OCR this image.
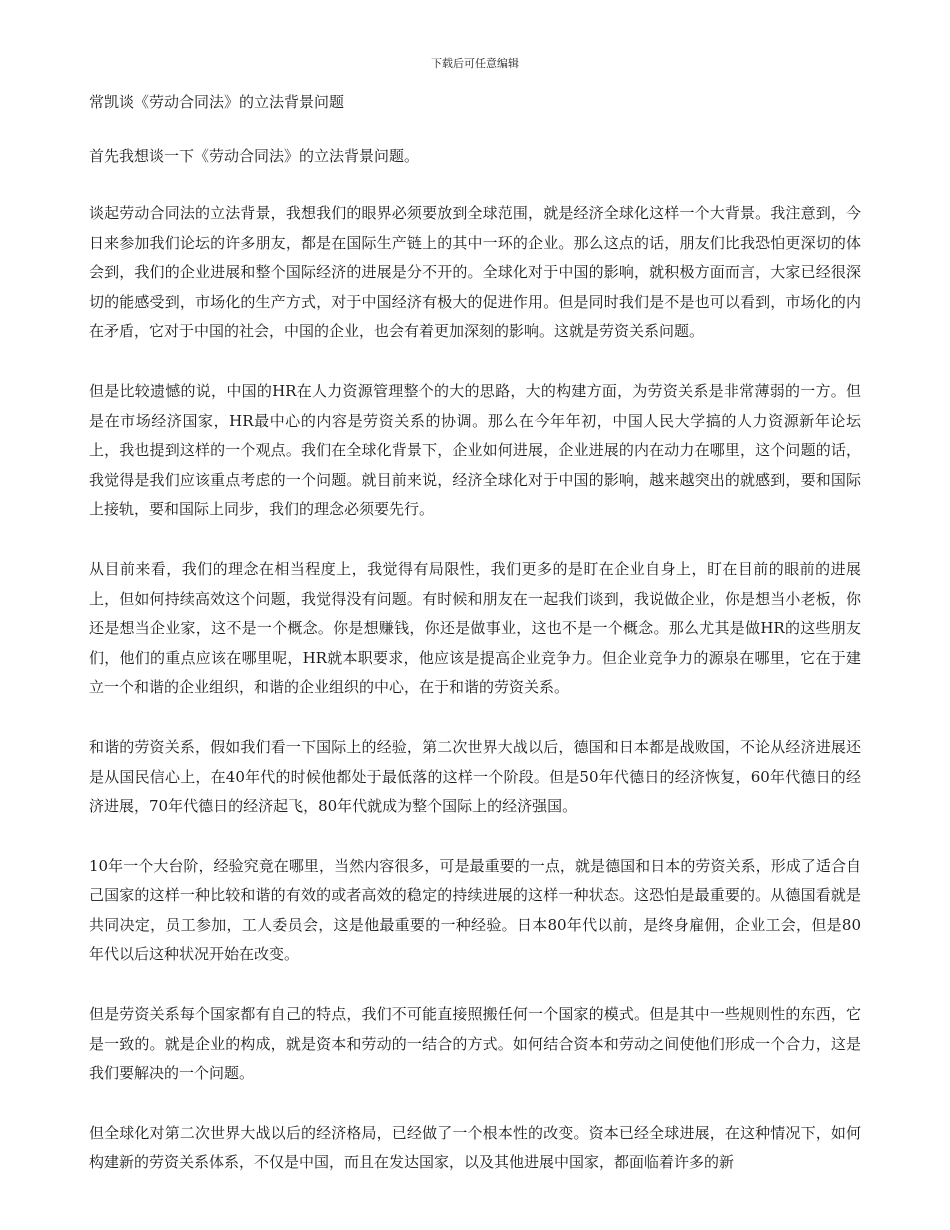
下载后可任意编辑
常凯谈《劳动合同法》的立法背景问题

首先我想谈一下《劳动合同法》的立法背景问题。

谈起劳动合同法的立法背景，我想我们的眼界必须要放到全球范围，就是经济全球化这样一个大背景。我注意到，今日来参加我们论坛的许多朋友，都是在国际生产链上的其中一环的企业。那么这点的话，朋友们比我恐怕更深切的体会到，我们的企业进展和整个国际经济的进展是分不开的。全球化对于中国的影响，就积极方面而言，大家已经很深切的能感受到，市场化的生产方式，对于中国经济有极大的促进作用。但是同时我们是不是也可以看到，市场化的内在矛盾，它对于中国的社会，中国的企业，也会有着更加深刻的影响。这就是劳资关系问题。

但是比较遗憾的说，中国的HR在人力资源管理整个的大的思路，大的构建方面，为劳资关系是非常薄弱的一方。但是在市场经济国家，HR最中心的内容是劳资关系的协调。那么在今年年初，中国人民大学搞的人力资源新年论坛上，我也提到这样的一个观点。我们在全球化背景下，企业如何进展，企业进展的内在动力在哪里，这个问题的话，我觉得是我们应该重点考虑的一个问题。就目前来说，经济全球化对于中国的影响，越来越突出的就感到，要和国际上接轨，要和国际上同步，我们的理念必须要先行。

从目前来看，我们的理念在相当程度上，我觉得有局限性，我们更多的是盯在企业自身上，盯在目前的眼前的进展上，但如何持续高效这个问题，我觉得没有问题。有时候和朋友在一起我们谈到，我说做企业，你是想当小老板，你还是想当企业家，这不是一个概念。你是想赚钱，你还是做事业，这也不是一个概念。那么尤其是做HR的这些朋友们，他们的重点应该在哪里呢，HR就本职要求，他应该是提高企业竞争力。但企业竞争力的源泉在哪里，它在于建立一个和谐的企业组织，和谐的企业组织的中心，在于和谐的劳资关系。

和谐的劳资关系，假如我们看一下国际上的经验，第二次世界大战以后，德国和日本都是战败国，不论从经济进展还是从国民信心上，在40年代的时候他都处于最低落的这样一个阶段。但是50年代德日的经济恢复，60年代德日的经济进展，70年代德日的经济起飞，80年代就成为整个国际上的经济强国。

10年一个大台阶，经验究竟在哪里，当然内容很多，可是最重要的一点，就是德国和日本的劳资关系，形成了适合自己国家的这样一种比较和谐的有效的或者高效的稳定的持续进展的这样一种状态。这恐怕是最重要的。从德国看就是共同决定，员工参加，工人委员会，这是他最重要的一种经验。日本80年代以前，是终身雇佣，企业工会，但是80年代以后这种状况开始在改变。

但是劳资关系每个国家都有自己的特点，我们不可能直接照搬任何一个国家的模式。但是其中一些规则性的东西，它是一致的。就是企业的构成，就是资本和劳动的一结合的方式。如何结合资本和劳动之间使他们形成一个合力，这是我们要解决的一个问题。

但全球化对第二次世界大战以后的经济格局，已经做了一个根本性的改变。资本已经全球进展，在这种情况下，如何构建新的劳资关系体系，不仅是中国，而且在发达国家，以及其他进展中国家，都面临着许多的新
